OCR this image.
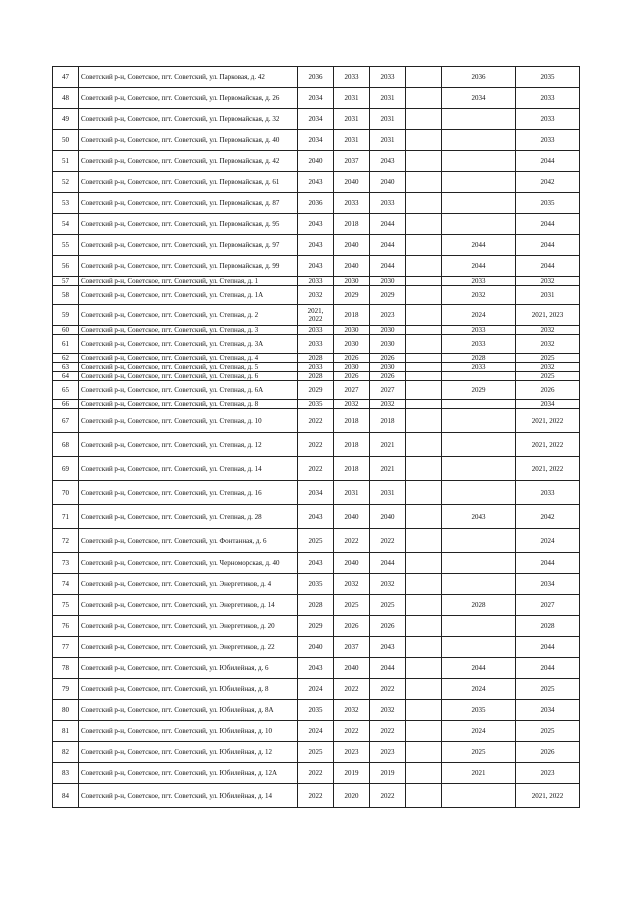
47	Советский р-н, Советское, пгт. Советский, ул. Парковая, д. 42	2036	2033	2033		2036	2035
48	Советский р-н, Советское, пгт. Советский, ул. Первомайская, д. 26	2034	2031	2031		2034	2033
49	Советский р-н, Советское, пгт. Советский, ул. Первомайская, д. 32	2034	2031	2031			2033
50	Советский р-н, Советское, пгт. Советский, ул. Первомайская, д. 40	2034	2031	2031			2033
51	Советский р-н, Советское, пгт. Советский, ул. Первомайская, д. 42	2040	2037	2043			2044
52	Советский р-н, Советское, пгт. Советский, ул. Первомайская, д. 61	2043	2040	2040			2042
53	Советский р-н, Советское, пгт. Советский, ул. Первомайская, д. 87	2036	2033	2033			2035
54	Советский р-н, Советское, пгт. Советский, ул. Первомайская, д. 95	2043	2018	2044			2044
55	Советский р-н, Советское, пгт. Советский, ул. Первомайская, д. 97	2043	2040	2044		2044	2044
56	Советский р-н, Советское, пгт. Советский, ул. Первомайская, д. 99	2043	2040	2044		2044	2044
57	Советский р-н, Советское, пгт. Советский, ул. Степная, д. 1	2033	2030	2030		2033	2032
58	Советский р-н, Советское, пгт. Советский, ул. Степная, д. 1А	2032	2029	2029		2032	2031
59	Советский р-н, Советское, пгт. Советский, ул. Степная, д. 2	2021, 2022	2018	2023		2024	2021, 2023
60	Советский р-н, Советское, пгт. Советский, ул. Степная, д. 3	2033	2030	2030		2033	2032
61	Советский р-н, Советское, пгт. Советский, ул. Степная, д. 3А	2033	2030	2030		2033	2032
62	Советский р-н, Советское, пгт. Советский, ул. Степная, д. 4	2028	2026	2026		2028	2025
63	Советский р-н, Советское, пгт. Советский, ул. Степная, д. 5	2033	2030	2030		2033	2032
64	Советский р-н, Советское, пгт. Советский, ул. Степная, д. 6	2028	2026	2026			2025
65	Советский р-н, Советское, пгт. Советский, ул. Степная, д. 6А	2029	2027	2027		2029	2026
66	Советский р-н, Советское, пгт. Советский, ул. Степная, д. 8	2035	2032	2032			2034
67	Советский р-н, Советское, пгт. Советский, ул. Степная, д. 10	2022	2018	2018			2021, 2022
68	Советский р-н, Советское, пгт. Советский, ул. Степная, д. 12	2022	2018	2021			2021, 2022
69	Советский р-н, Советское, пгт. Советский, ул. Степная, д. 14	2022	2018	2021			2021, 2022
70	Советский р-н, Советское, пгт. Советский, ул. Степная, д. 16	2034	2031	2031			2033
71	Советский р-н, Советское, пгт. Советский, ул. Степная, д. 28	2043	2040	2040		2043	2042
72	Советский р-н, Советское, пгт. Советский, ул. Фонтанная, д. 6	2025	2022	2022			2024
73	Советский р-н, Советское, пгт. Советский, ул. Черноморская, д. 40	2043	2040	2044			2044
74	Советский р-н, Советское, пгт. Советский, ул. Энергетиков, д. 4	2035	2032	2032			2034
75	Советский р-н, Советское, пгт. Советский, ул. Энергетиков, д. 14	2028	2025	2025		2028	2027
76	Советский р-н, Советское, пгт. Советский, ул. Энергетиков, д. 20	2029	2026	2026			2028
77	Советский р-н, Советское, пгт. Советский, ул. Энергетиков, д. 22	2040	2037	2043			2044
78	Советский р-н, Советское, пгт. Советский, ул. Юбилейная, д. 6	2043	2040	2044		2044	2044
79	Советский р-н, Советское, пгт. Советский, ул. Юбилейная, д. 8	2024	2022	2022		2024	2025
80	Советский р-н, Советское, пгт. Советский, ул. Юбилейная, д. 8А	2035	2032	2032		2035	2034
81	Советский р-н, Советское, пгт. Советский, ул. Юбилейная, д. 10	2024	2022	2022		2024	2025
82	Советский р-н, Советское, пгт. Советский, ул. Юбилейная, д. 12	2025	2023	2023		2025	2026
83	Советский р-н, Советское, пгт. Советский, ул. Юбилейная, д. 12А	2022	2019	2019		2021	2023
84	Советский р-н, Советское, пгт. Советский, ул. Юбилейная, д. 14	2022	2020	2022			2021, 2022
